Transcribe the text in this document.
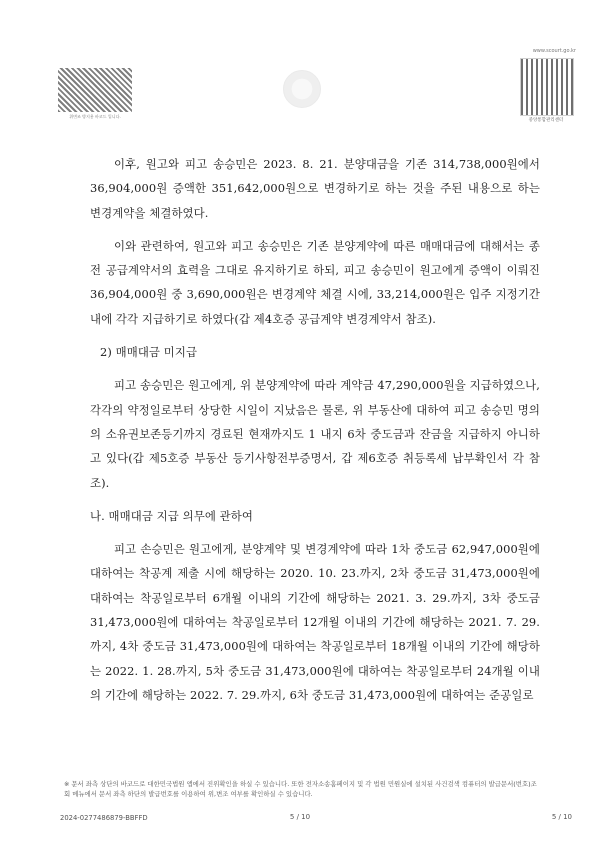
위변조 방지용 바코드 입니다.
www.scourt.go.kr
중앙통합관리센터

이후, 원고와 피고 송승민은 2023. 8. 21. 분양대금을 기존 314,738,000원에서 36,904,000원 증액한 351,642,000원으로 변경하기로 하는 것을 주된 내용으로 하는 변경계약을 체결하였다.

이와 관련하여, 원고와 피고 송승민은 기존 분양계약에 따른 매매대금에 대해서는 종전 공급계약서의 효력을 그대로 유지하기로 하되, 피고 송승민이 원고에게 증액이 이뤄진 36,904,000원 중 3,690,000원은 변경계약 체결 시에, 33,214,000원은 입주 지정기간 내에 각각 지급하기로 하였다(갑 제4호증 공급계약 변경계약서 참조).

2) 매매대금 미지급

피고 송승민은 원고에게, 위 분양계약에 따라 계약금 47,290,000원을 지급하였으나, 각각의 약정일로부터 상당한 시일이 지났음은 물론, 위 부동산에 대하여 피고 송승민 명의의 소유권보존등기까지 경료된 현재까지도 1 내지 6차 중도금과 잔금을 지급하지 아니하고 있다(갑 제5호증 부동산 등기사항전부증명서, 갑 제6호증 취등록세 납부확인서 각 참조).

나. 매매대금 지급 의무에 관하여

피고 손승민은 원고에게, 분양계약 및 변경계약에 따라 1차 중도금 62,947,000원에 대하여는 착공계 제출 시에 해당하는 2020. 10. 23.까지, 2차 중도금 31,473,000원에 대하여는 착공일로부터 6개월 이내의 기간에 해당하는 2021. 3. 29.까지, 3차 중도금 31,473,000원에 대하여는 착공일로부터 12개월 이내의 기간에 해당하는 2021. 7. 29.까지, 4차 중도금 31,473,000원에 대하여는 착공일로부터 18개월 이내의 기간에 해당하는 2022. 1. 28.까지, 5차 중도금 31,473,000원에 대하여는 착공일로부터 24개월 이내의 기간에 해당하는 2022. 7. 29.까지, 6차 중도금 31,473,000원에 대하여는 준공일로

※ 문서 좌측 상단의 바코드로 대한민국법원 앱에서 진위확인을 하실 수 있습니다. 또한 전자소송홈페이지 및 각 법원 민원실에 설치된 사건검색 컴퓨터의 발급문서(번호)조회 메뉴에서 문서 좌측 하단의 발급번호를 이용하여 위,변조 여부를 확인하실 수 있습니다.
2024-0277486879-BBFFD	5 / 10	5 / 10
